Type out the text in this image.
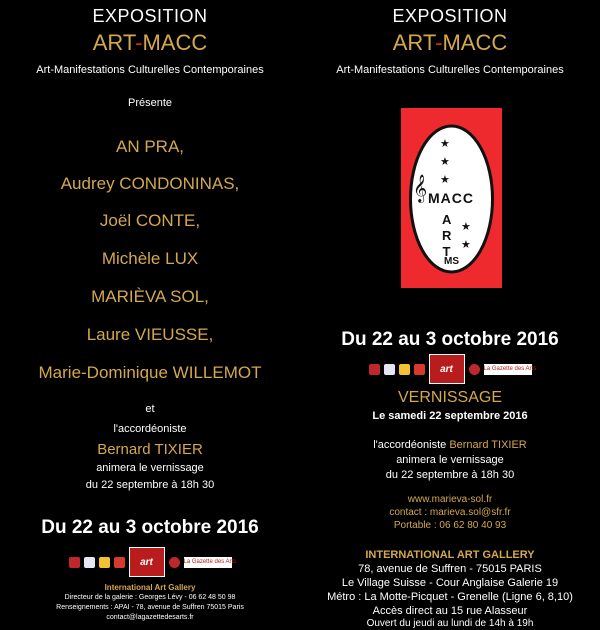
EXPOSITION
ART-MACC
Art-Manifestations Culturelles Contemporaines
Présente
AN PRA,
Audrey CONDONINAS,
Joël CONTE,
Michèle LUX
MARIÈVA SOL,
Laure VIEUSSE,
Marie-Dominique WILLEMOT
et
l'accordéoniste
Bernard TIXIER
animera le vernissage
du 22 septembre à 18h 30
Du 22 au 3 octobre 2016
art	La Gazette des Arts
International Art Gallery
Directeur de la galerie : Georges Lévy - 06 62 48 50 98
Renseignements : APAI - 78, avenue de Suffren 75015 Paris
contact@lagazettedesarts.fr
EXPOSITION
ART-MACC
Art-Manifestations Culturelles Contemporaines
★
★
★
𝄞 MACC
ART
★
★
MS
Du 22 au 3 octobre 2016
art	La Gazette des Arts
VERNISSAGE
Le samedi 22 septembre 2016
l'accordéoniste Bernard TIXIER
animera le vernissage
du 22 septembre à 18h 30
www.marieva-sol.fr
contact : marieva.sol@sfr.fr
Portable : 06 62 80 40 93
INTERNATIONAL ART GALLERY
78, avenue de Suffren - 75015 PARIS
Le Village Suisse - Cour Anglaise Galerie 19
Métro : La Motte-Picquet - Grenelle (Ligne 6, 8,10)
Accès direct au 15 rue Alasseur
Ouvert du jeudi au lundi de 14h à 19h
